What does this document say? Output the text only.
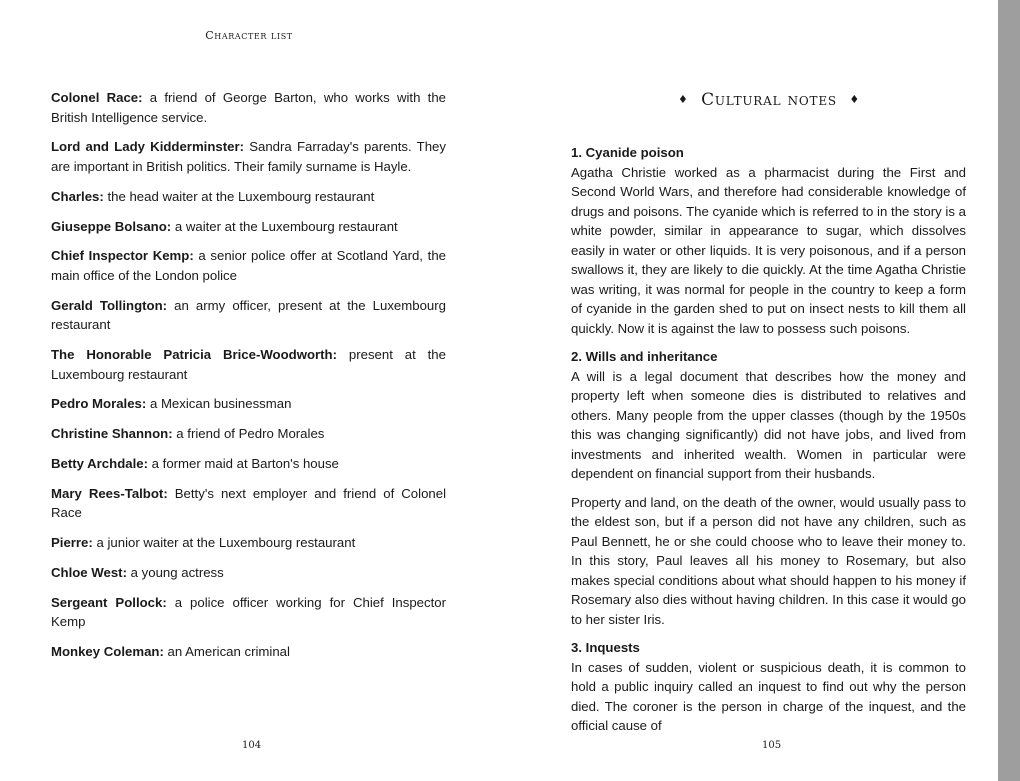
Character list

Colonel Race: a friend of George Barton, who works with the British Intelligence service.

Lord and Lady Kidderminster: Sandra Farraday's parents. They are important in British politics. Their family surname is Hayle.

Charles: the head waiter at the Luxembourg restaurant

Giuseppe Bolsano: a waiter at the Luxembourg restaurant

Chief Inspector Kemp: a senior police offer at Scotland Yard, the main office of the London police

Gerald Tollington: an army officer, present at the Luxembourg restaurant

The Honorable Patricia Brice-Woodworth: present at the Luxembourg restaurant

Pedro Morales: a Mexican businessman

Christine Shannon: a friend of Pedro Morales

Betty Archdale: a former maid at Barton's house

Mary Rees-Talbot: Betty's next employer and friend of Colonel Race

Pierre: a junior waiter at the Luxembourg restaurant

Chloe West: a young actress

Sergeant Pollock: a police officer working for Chief Inspector Kemp

Monkey Coleman: an American criminal

104
♦ Cultural notes ♦
1. Cyanide poison

Agatha Christie worked as a pharmacist during the First and Second World Wars, and therefore had considerable knowledge of drugs and poisons. The cyanide which is referred to in the story is a white powder, similar in appearance to sugar, which dissolves easily in water or other liquids. It is very poisonous, and if a person swallows it, they are likely to die quickly. At the time Agatha Christie was writing, it was normal for people in the country to keep a form of cyanide in the garden shed to put on insect nests to kill them all quickly. Now it is against the law to possess such poisons.

2. Wills and inheritance

A will is a legal document that describes how the money and property left when someone dies is distributed to relatives and others. Many people from the upper classes (though by the 1950s this was changing significantly) did not have jobs, and lived from investments and inherited wealth. Women in particular were dependent on financial support from their husbands.

Property and land, on the death of the owner, would usually pass to the eldest son, but if a person did not have any children, such as Paul Bennett, he or she could choose who to leave their money to. In this story, Paul leaves all his money to Rosemary, but also makes special conditions about what should happen to his money if Rosemary also dies without having children. In this case it would go to her sister Iris.

3. Inquests

In cases of sudden, violent or suspicious death, it is common to hold a public inquiry called an inquest to find out why the person died. The coroner is the person in charge of the inquest, and the official cause of

105
